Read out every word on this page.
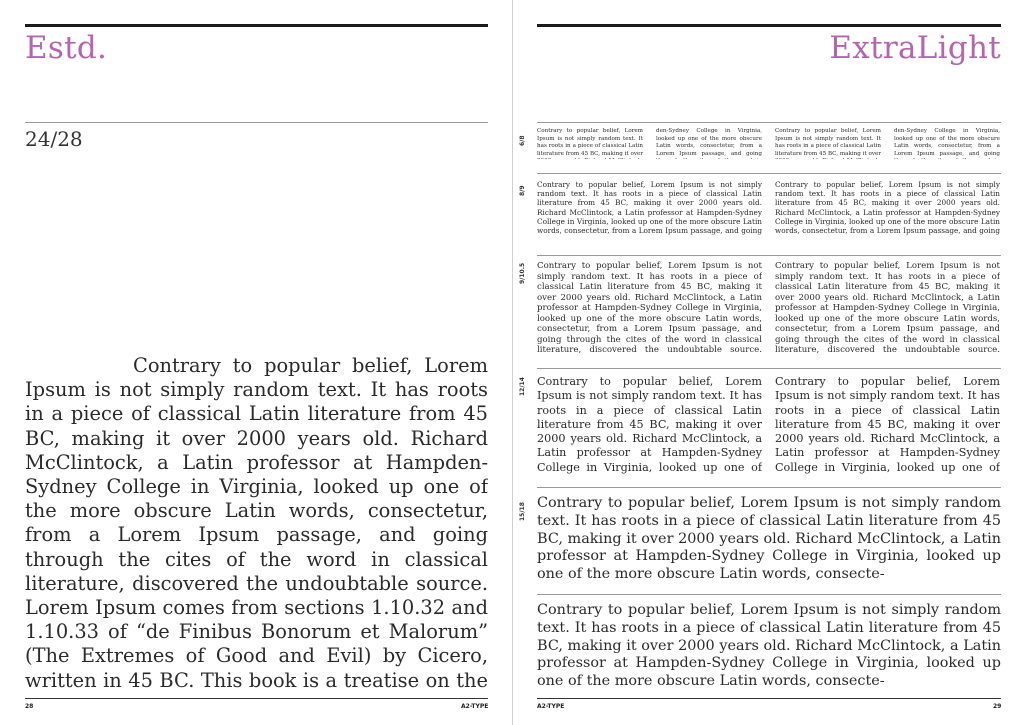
Estd.
24/28
Contrary to popular belief, Lorem Ipsum is not simply random text. It has roots in a piece of classical Latin literature from 45 BC, making it over 2000 years old. Richard McClintock, a Latin professor at Hampden-Sydney College in Virginia, looked up one of the more obscure Latin words, consectetur, from a Lorem Ipsum passage, and going through the cites of the word in classical literature, discovered the undoubtable source. Lorem Ipsum comes from sections 1.10.32 and 1.10.33 of “de Finibus Bonorum et Malorum” (The Extremes of Good and Evil) by Cicero, written in 45 BC. This book is a treatise on the
28	A2-TYPE
ExtraLight
6/8
Contrary to popular belief, Lorem Ipsum is not simply random text. It has roots in a piece of classical Latin literature from 45 BC, making it over
den-Sydney College in Virginia, looked up one of the more obscure Latin words, consectetur, from a Lorem Ipsum passage, and going
Contrary to popular belief, Lorem Ipsum is not simply random text. It has roots in a piece of classical Latin literature from 45 BC, making it over
den-Sydney College in Virginia, looked up one of the more obscure Latin words, consectetur, from a Lorem Ipsum passage, and going
8/9
Contrary to popular belief, Lorem Ipsum is not simply random text. It has roots in a piece of classical Latin literature from 45 BC, making it over 2000 years old. Richard McClintock, a Latin professor at Hampden-Sydney College in Virginia, looked up one of the more obscure Latin words, consectetur, from a Lorem Ipsum passage, and going
Contrary to popular belief, Lorem Ipsum is not simply random text. It has roots in a piece of classical Latin literature from 45 BC, making it over 2000 years old. Richard McClintock, a Latin professor at Hampden-Sydney College in Virginia, looked up one of the more obscure Latin words, consectetur, from a Lorem Ipsum passage, and going
9/10.5 Contrary to popular belief, Lorem Ipsum is not simply random text. It has roots in a piece of classical Latin literature from 45 BC, making it over 2000 years old. Richard McClintock, a Latin professor at Hampden-Sydney College in Virginia, looked up one of the more obscure Latin words, consectetur, from a Lorem Ipsum passage, and going through the cites of the word in classical literature, discovered the undoubtable source.
Contrary to popular belief, Lorem Ipsum is not simply random text. It has roots in a piece of classical Latin literature from 45 BC, making it over 2000 years old. Richard McClintock, a Latin professor at Hampden-Sydney College in Virginia, looked up one of the more obscure Latin words, consectetur, from a Lorem Ipsum passage, and going through the cites of the word in classical literature, discovered the undoubtable source.
12/14 Contrary to popular belief, Lorem Ipsum is not simply random text. It has roots in a piece of classical Latin literature from 45 BC, making it over 2000 years old. Richard McClintock, a Latin professor at Hampden-Sydney College in Virginia, looked up one of
Contrary to popular belief, Lorem Ipsum is not simply random text. It has roots in a piece of classical Latin literature from 45 BC, making it over 2000 years old. Richard McClintock, a Latin professor at Hampden-Sydney College in Virginia, looked up one of
15/18 Contrary to popular belief, Lorem Ipsum is not simply random text. It has roots in a piece of classical Latin literature from 45 BC, making it over 2000 years old. Richard McClintock, a Latin professor at Hampden-Sydney College in Virginia, looked up one of the more obscure Latin words, consecte-
Contrary to popular belief, Lorem Ipsum is not simply random text. It has roots in a piece of classical Latin literature from 45 BC, making it over 2000 years old. Richard McClintock, a Latin professor at Hampden-Sydney College in Virginia, looked up one of the more obscure Latin words, consecte-
A2-TYPE	29
